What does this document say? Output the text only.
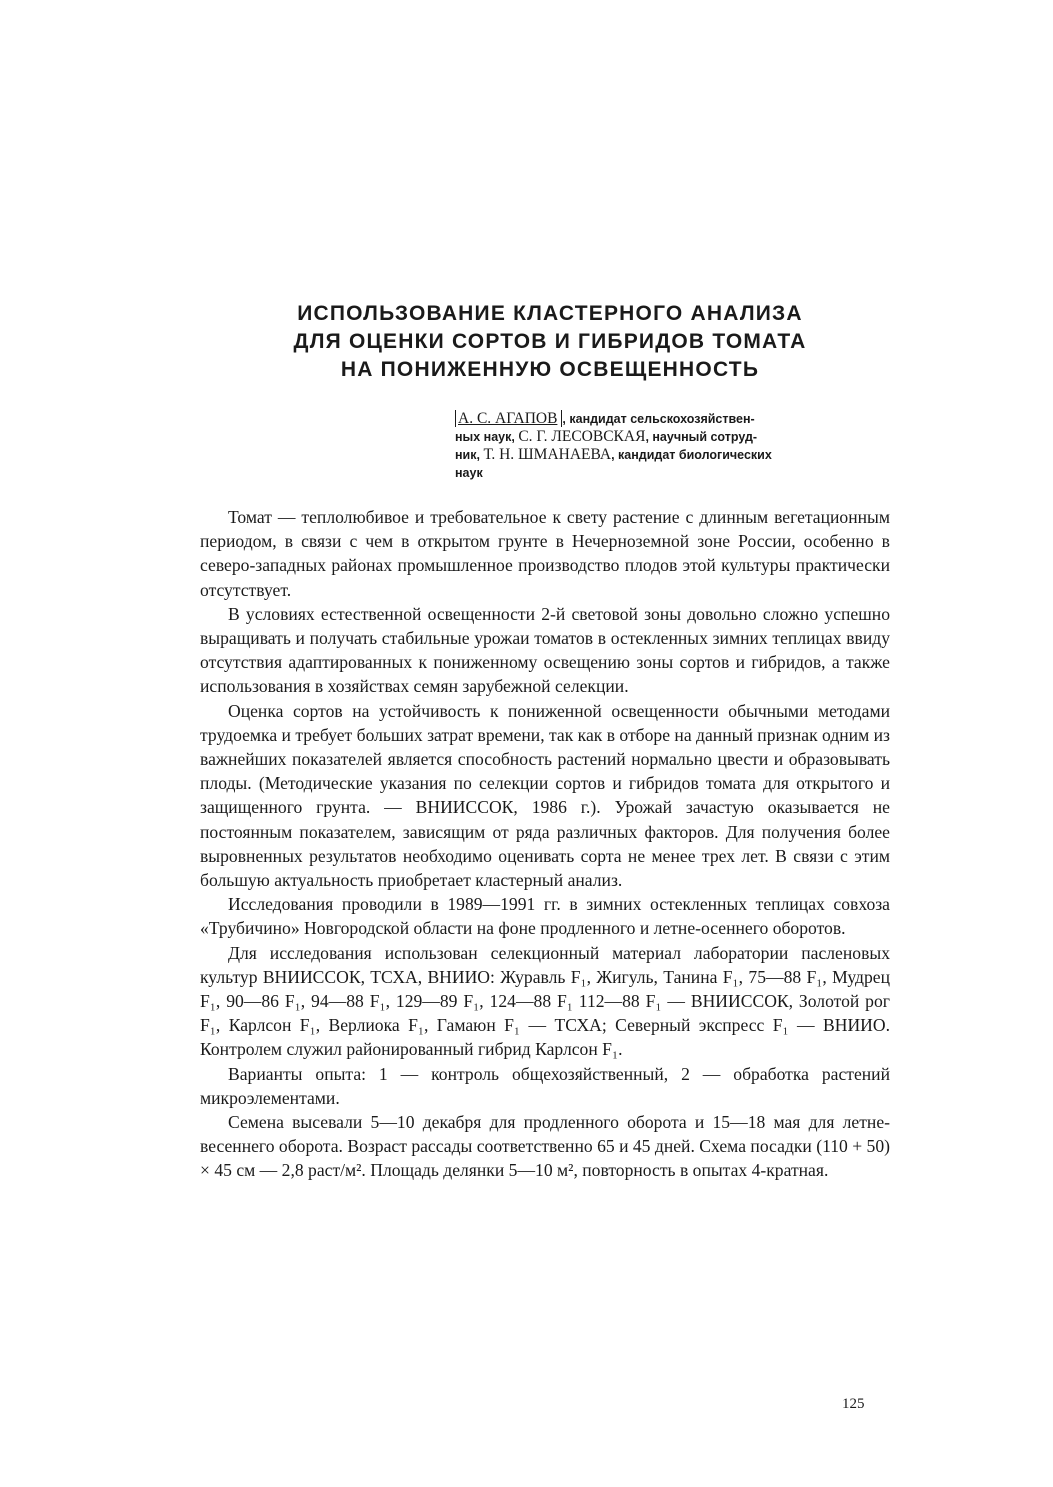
ИСПОЛЬЗОВАНИЕ КЛАСТЕРНОГО АНАЛИЗА
ДЛЯ ОЦЕНКИ СОРТОВ И ГИБРИДОВ ТОМАТА
НА ПОНИЖЕННУЮ ОСВЕЩЕННОСТЬ
А. С. АГАПОВ , кандидат сельскохозяйствен-
ных наук, С. Г. ЛЕСОВСКАЯ, научный сотруд-
ник, Т. Н. ШМАНАЕВА, кандидат биологических
наук

Томат — теплолюбивое и требовательное к свету растение с длинным вегетационным периодом, в связи с чем в открытом грунте в Нечерноземной зоне России, особенно в северо-западных районах промышленное производство плодов этой культуры практически отсутствует.

В условиях естественной освещенности 2-й световой зоны довольно сложно успешно выращивать и получать стабильные урожаи томатов в остекленных зимних теплицах ввиду отсутствия адаптированных к пониженному освещению зоны сортов и гибридов, а также использования в хозяйствах семян зарубежной селекции.

Оценка сортов на устойчивость к пониженной освещенности обычными методами трудоемка и требует больших затрат времени, так как в отборе на данный признак одним из важнейших показателей является способность растений нормально цвести и образовывать плоды. (Методические указания по селекции сортов и гибридов томата для открытого и защищенного грунта. — ВНИИССОК, 1986 г.). Урожай зачастую оказывается не постоянным показателем, зависящим от ряда различных факторов. Для получения более выровненных результатов необходимо оценивать сорта не менее трех лет. В связи с этим большую актуальность приобретает кластерный анализ.

Исследования проводили в 1989—1991 гг. в зимних остекленных теплицах совхоза «Трубичино» Новгородской области на фоне продленного и летне-осеннего оборотов.

Для исследования использован селекционный материал лаборатории пасленовых культур ВНИИССОК, ТСХА, ВНИИО: Журавль F₁, Жигуль, Танина F₁, 75—88 F₁, Мудрец F₁, 90—86 F₁, 94—88 F₁, 129—89 F₁, 124—88 F₁ 112—88 F₁ — ВНИИССОК, Золотой рог F₁, Карлсон F₁, Верлиока F₁, Гамаюн F₁ — ТСХА; Северный экспресс F₁ — ВНИИО. Контролем служил районированный гибрид Карлсон F₁.

Варианты опыта: 1 — контроль общехозяйственный, 2 — обработка растений микроэлементами.

Семена высевали 5—10 декабря для продленного оборота и 15—18 мая для летне-весеннего оборота. Возраст рассады соответственно 65 и 45 дней. Схема посадки (110 + 50) × 45 см — 2,8 раст/м². Площадь делянки 5—10 м², повторность в опытах 4-кратная.

125
